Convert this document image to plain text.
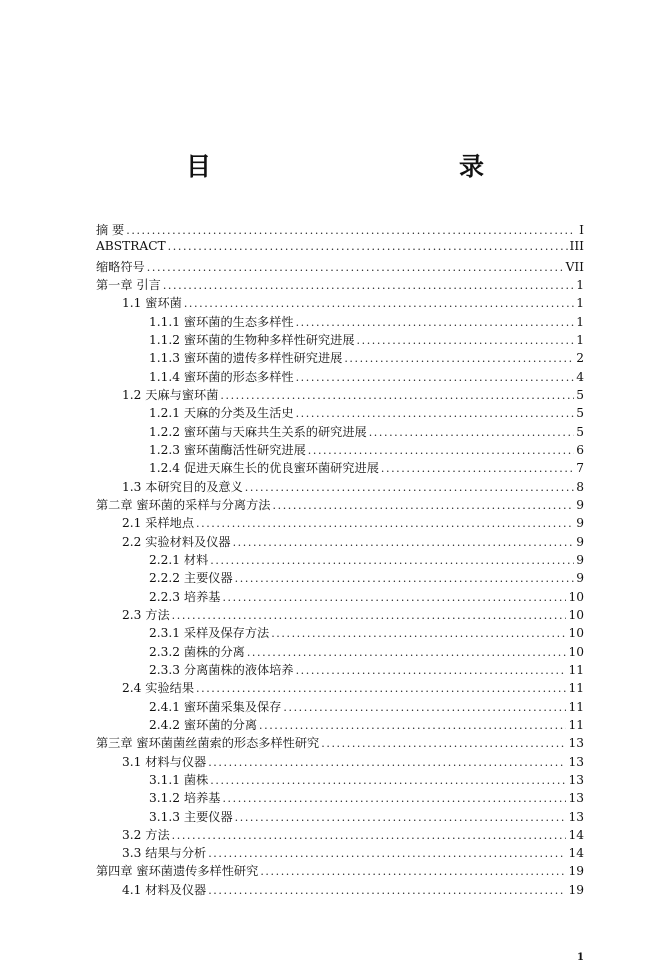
目　　录
摘 要 .....	I
ABSTRACT .....	III
缩略符号 .....	VII
第一章 引言 .....	1
1.1 蜜环菌 .....	1
1.1.1 蜜环菌的生态多样性 .....	1
1.1.2 蜜环菌的生物种多样性研究进展 .....	1
1.1.3 蜜环菌的遗传多样性研究进展 .....	2
1.1.4 蜜环菌的形态多样性 .....	4
1.2 天麻与蜜环菌 .....	5
1.2.1 天麻的分类及生活史 .....	5
1.2.2 蜜环菌与天麻共生关系的研究进展 .....	5
1.2.3 蜜环菌酶活性研究进展 .....	6
1.2.4 促进天麻生长的优良蜜环菌研究进展 .....	7
1.3 本研究目的及意义 .....	8
第二章 蜜环菌的采样与分离方法 .....	9
2.1 采样地点 .....	9
2.2 实验材料及仪器 .....	9
2.2.1 材料 .....	9
2.2.2 主要仪器 .....	9
2.2.3 培养基 .....	10
2.3 方法 .....	10
2.3.1 采样及保存方法 .....	10
2.3.2 菌株的分离 .....	10
2.3.3 分离菌株的液体培养 .....	11
2.4 实验结果 .....	11
2.4.1 蜜环菌采集及保存 .....	11
2.4.2 蜜环菌的分离 .....	11
第三章 蜜环菌菌丝菌索的形态多样性研究 .....	13
3.1 材料与仪器 .....	13
3.1.1 菌株 .....	13
3.1.2 培养基 .....	13
3.1.3 主要仪器 .....	13
3.2 方法 .....	14
3.3 结果与分析 .....	14
第四章 蜜环菌遗传多样性研究 .....	19
4.1 材料及仪器 .....	19
1
